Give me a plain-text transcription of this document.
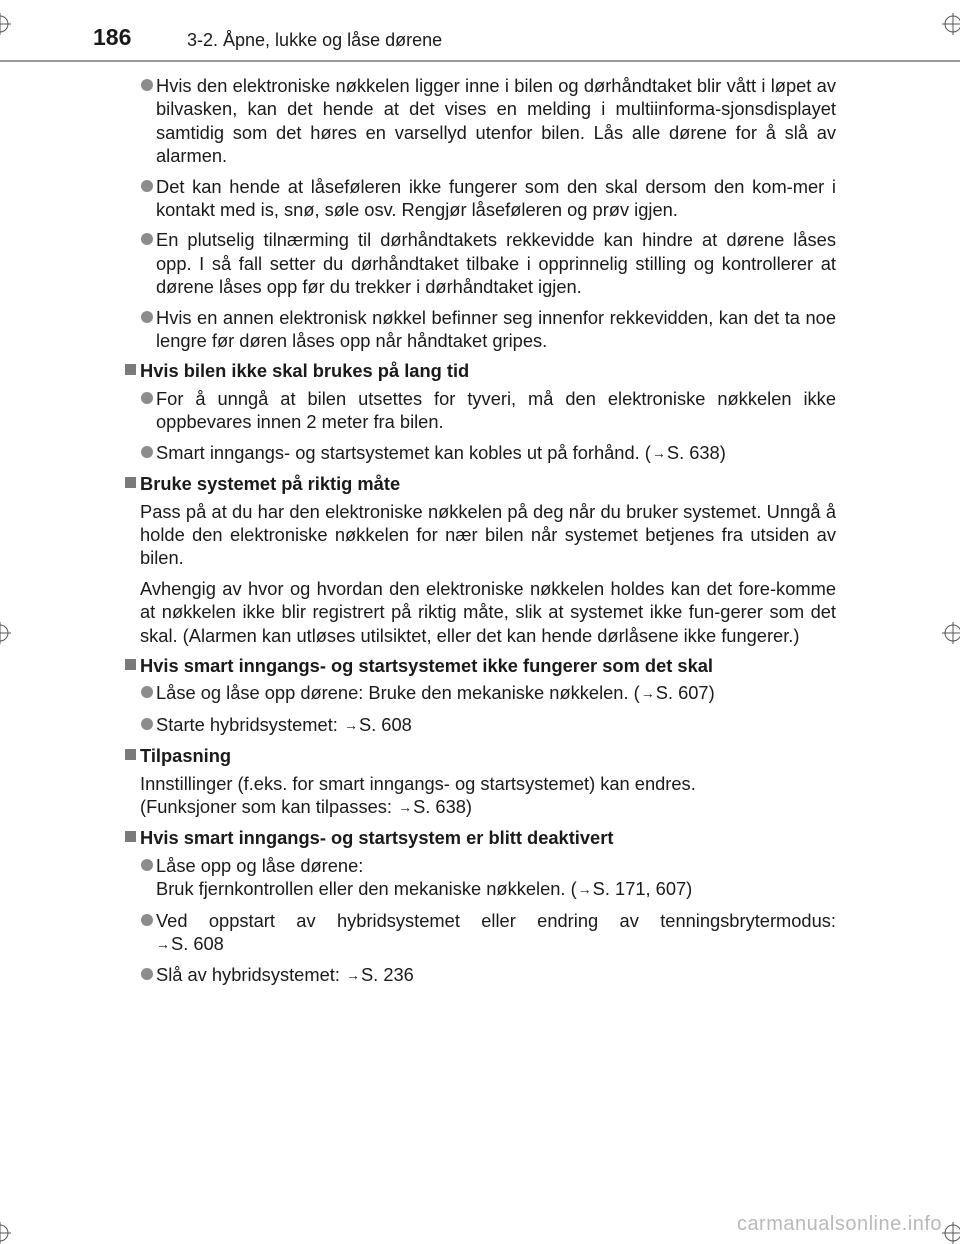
186	3-2. Åpne, lukke og låse dørene
Hvis den elektroniske nøkkelen ligger inne i bilen og dørhåndtaket blir vått i løpet av bilvasken, kan det hende at det vises en melding i multiinforma-sjonsdisplayet samtidig som det høres en varsellyd utenfor bilen. Lås alle dørene for å slå av alarmen.
Det kan hende at låseføleren ikke fungerer som den skal dersom den kom-mer i kontakt med is, snø, søle osv. Rengjør låseføleren og prøv igjen.
En plutselig tilnærming til dørhåndtakets rekkevidde kan hindre at dørene låses opp. I så fall setter du dørhåndtaket tilbake i opprinnelig stilling og kontrollerer at dørene låses opp før du trekker i dørhåndtaket igjen.
Hvis en annen elektronisk nøkkel befinner seg innenfor rekkevidden, kan det ta noe lengre før døren låses opp når håndtaket gripes.
Hvis bilen ikke skal brukes på lang tid
For å unngå at bilen utsettes for tyveri, må den elektroniske nøkkelen ikke oppbevares innen 2 meter fra bilen.
Smart inngangs- og startsystemet kan kobles ut på forhånd. (→S. 638)
Bruke systemet på riktig måte
Pass på at du har den elektroniske nøkkelen på deg når du bruker systemet. Unngå å holde den elektroniske nøkkelen for nær bilen når systemet betjenes fra utsiden av bilen.
Avhengig av hvor og hvordan den elektroniske nøkkelen holdes kan det fore-komme at nøkkelen ikke blir registrert på riktig måte, slik at systemet ikke fun-gerer som det skal. (Alarmen kan utløses utilsiktet, eller det kan hende dørlåsene ikke fungerer.)
Hvis smart inngangs- og startsystemet ikke fungerer som det skal
Låse og låse opp dørene: Bruke den mekaniske nøkkelen. (→S. 607)
Starte hybridsystemet: →S. 608
Tilpasning
Innstillinger (f.eks. for smart inngangs- og startsystemet) kan endres.
(Funksjoner som kan tilpasses: →S. 638)
Hvis smart inngangs- og startsystem er blitt deaktivert
Låse opp og låse dørene:
Bruk fjernkontrollen eller den mekaniske nøkkelen. (→S. 171, 607)
Ved oppstart av hybridsystemet eller endring av tenningsbrytermodus:
→S. 608
Slå av hybridsystemet: →S. 236
carmanualsonline.info
